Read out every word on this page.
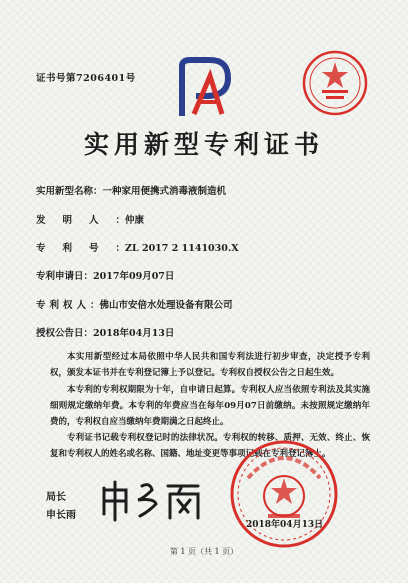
证书号第7206401号
实用新型专利证书
实用新型名称：一种家用便携式消毒液制造机
发明人：仲康
专利号：ZL 2017 2 1141030.X
专利申请日：2017年09月07日
专利权人：佛山市安倍水处理设备有限公司
授权公告日：2018年04月13日
本实用新型经过本局依照中华人民共和国专利法进行初步审查，决定授予专利权，颁发本证书并在专利登记簿上予以登记。专利权自授权公告之日起生效。
本专利的专利权期限为十年，自申请日起算。专利权人应当依照专利法及其实施细则规定缴纳年费。本专利的年费应当在每年09月07日前缴纳。未按照规定缴纳年费的，专利权自应当缴纳年费期满之日起终止。
专利证书记载专利权登记时的法律状况。专利权的转移、质押、无效、终止、恢复和专利权人的姓名或名称、国籍、地址变更等事项记载在专利登记簿上。
局长
申长雨
2018年04月13日
第 1 页（共 1 页）
